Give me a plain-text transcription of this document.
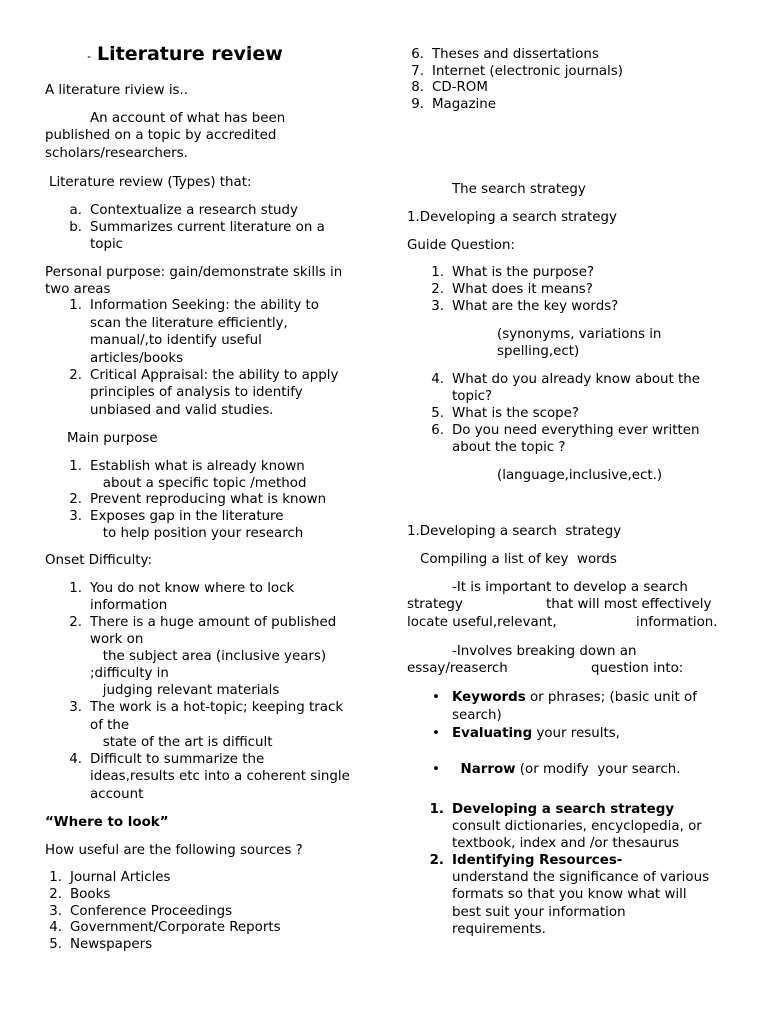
“ Literature review
A literature riview is..
An account of what has been
published on a topic by accredited
scholars/researchers.
Literature review (Types) that:
a. Contextualize a research study
b. Summarizes current literature on a
topic
Personal purpose: gain/demonstrate skills in
two areas
1. Information Seeking: the ability to
scan the literature efficiently,
manual/,to identify useful
articles/books
2. Critical Appraisal: the ability to apply
principles of analysis to identify
unbiased and valid studies.
Main purpose
1. Establish what is already known
about a specific topic /method
2. Prevent reproducing what is known
3. Exposes gap in the literature
to help position your research
Onset Difficulty:
1. You do not know where to lock
information
2. There is a huge amount of published
work on
the subject area (inclusive years)
;difficulty in
judging relevant materials
3. The work is a hot-topic; keeping track
of the
state of the art is difficult
4. Difficult to summarize the
ideas,results etc into a coherent single
account
“Where to look”
How useful are the following sources ?
1. Journal Articles
2. Books
3. Conference Proceedings
4. Government/Corporate Reports
5. Newspapers
6. Theses and dissertations
7. Internet (electronic journals)
8. CD-ROM
9. Magazine
The search strategy
1.Developing a search strategy
Guide Question:
1. What is the purpose?
2. What does it means?
3. What are the key words?
(synonyms, variations in
spelling,ect)
4. What do you already know about the
topic?
5. What is the scope?
6. Do you need everything ever written
about the topic ?
(language,inclusive,ect.)
1.Developing a search  strategy
Compiling a list of key  words
-It is important to develop a search
strategy	that will most effectively
locate useful,relevant,	information.
-Involves breaking down an
essay/reaserch	question into:
• Keywords or phrases; (basic unit of
search)
• Evaluating your results,

• Narrow (or modify  your search.

1. Developing a search strategy
consult dictionaries, encyclopedia, or
textbook, index and /or thesaurus
2. Identifying Resources-
understand the significance of various
formats so that you know what will
best suit your information
requirements.
